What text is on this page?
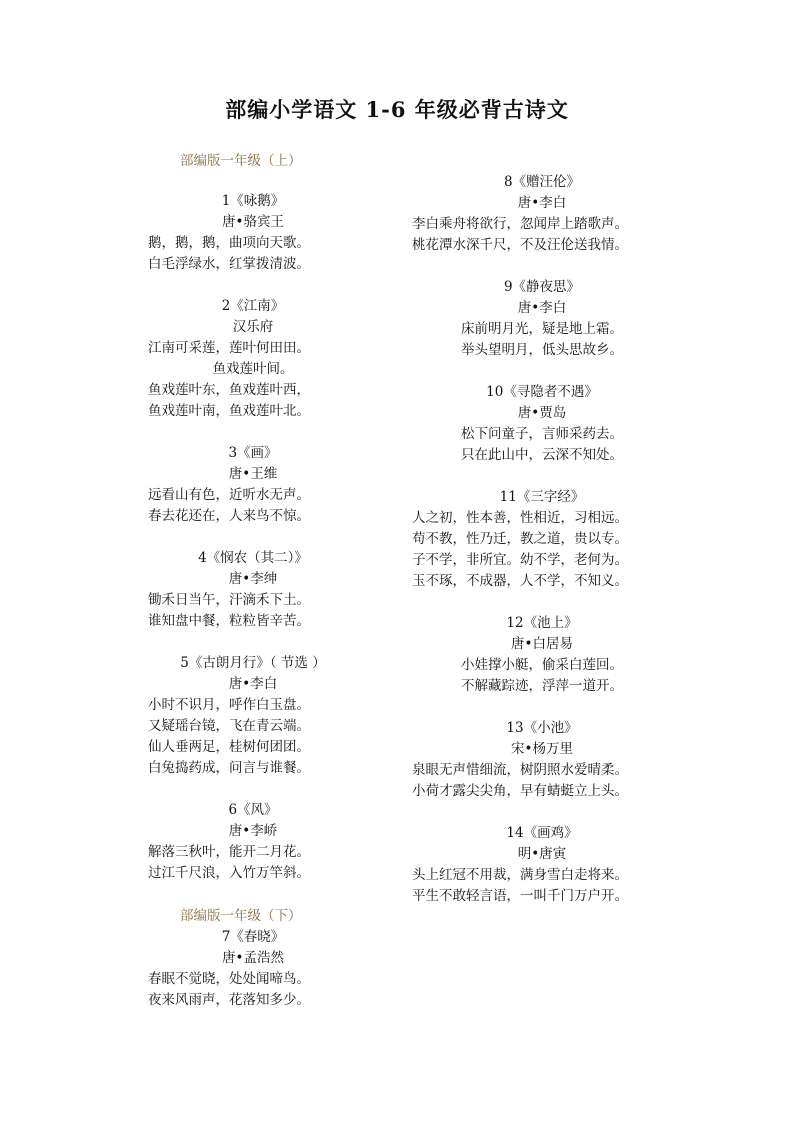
部编小学语文 1-6 年级必背古诗文
部编版一年级（上）
部编版一年级（下）
1《咏鹅》
唐•骆宾王
鹅，鹅，鹅，曲项向天歌。
白毛浮绿水，红掌拨清波。
2《江南》
汉乐府
江南可采莲，莲叶何田田。
鱼戏莲叶间。
鱼戏莲叶东，鱼戏莲叶西，
鱼戏莲叶南，鱼戏莲叶北。
3《画》
唐•王维
远看山有色，近听水无声。
春去花还在，人来鸟不惊。
4《悯农（其二）》
唐•李绅
锄禾日当午，汗滴禾下土。
谁知盘中餐，粒粒皆辛苦。
5《古朗月行》（ 节选 ）
唐•李白
小时不识月，呼作白玉盘。
又疑瑶台镜，飞在青云端。
仙人垂两足，桂树何团团。
白兔捣药成，问言与谁餐。
6《风》
唐•李峤
解落三秋叶，能开二月花。
过江千尺浪，入竹万竿斜。
7《春晓》
唐•孟浩然
春眠不觉晓，处处闻啼鸟。
夜来风雨声，花落知多少。
8《赠汪伦》
唐•李白
李白乘舟将欲行，忽闻岸上踏歌声。
桃花潭水深千尺，不及汪伦送我情。
9《静夜思》
唐•李白
床前明月光，疑是地上霜。
举头望明月，低头思故乡。
10《寻隐者不遇》
唐•贾岛
松下问童子，言师采药去。
只在此山中，云深不知处。
11《三字经》
人之初，性本善，性相近，习相远。
苟不教，性乃迁，教之道，贵以专。
子不学，非所宜。幼不学，老何为。
玉不琢，不成器，人不学，不知义。
12《池上》
唐•白居易
小娃撑小艇，偷采白莲回。
不解藏踪迹，浮萍一道开。
13《小池》
宋•杨万里
泉眼无声惜细流，树阴照水爱晴柔。
小荷才露尖尖角，早有蜻蜓立上头。
14《画鸡》
明•唐寅
头上红冠不用裁，满身雪白走将来。
平生不敢轻言语，一叫千门万户开。
